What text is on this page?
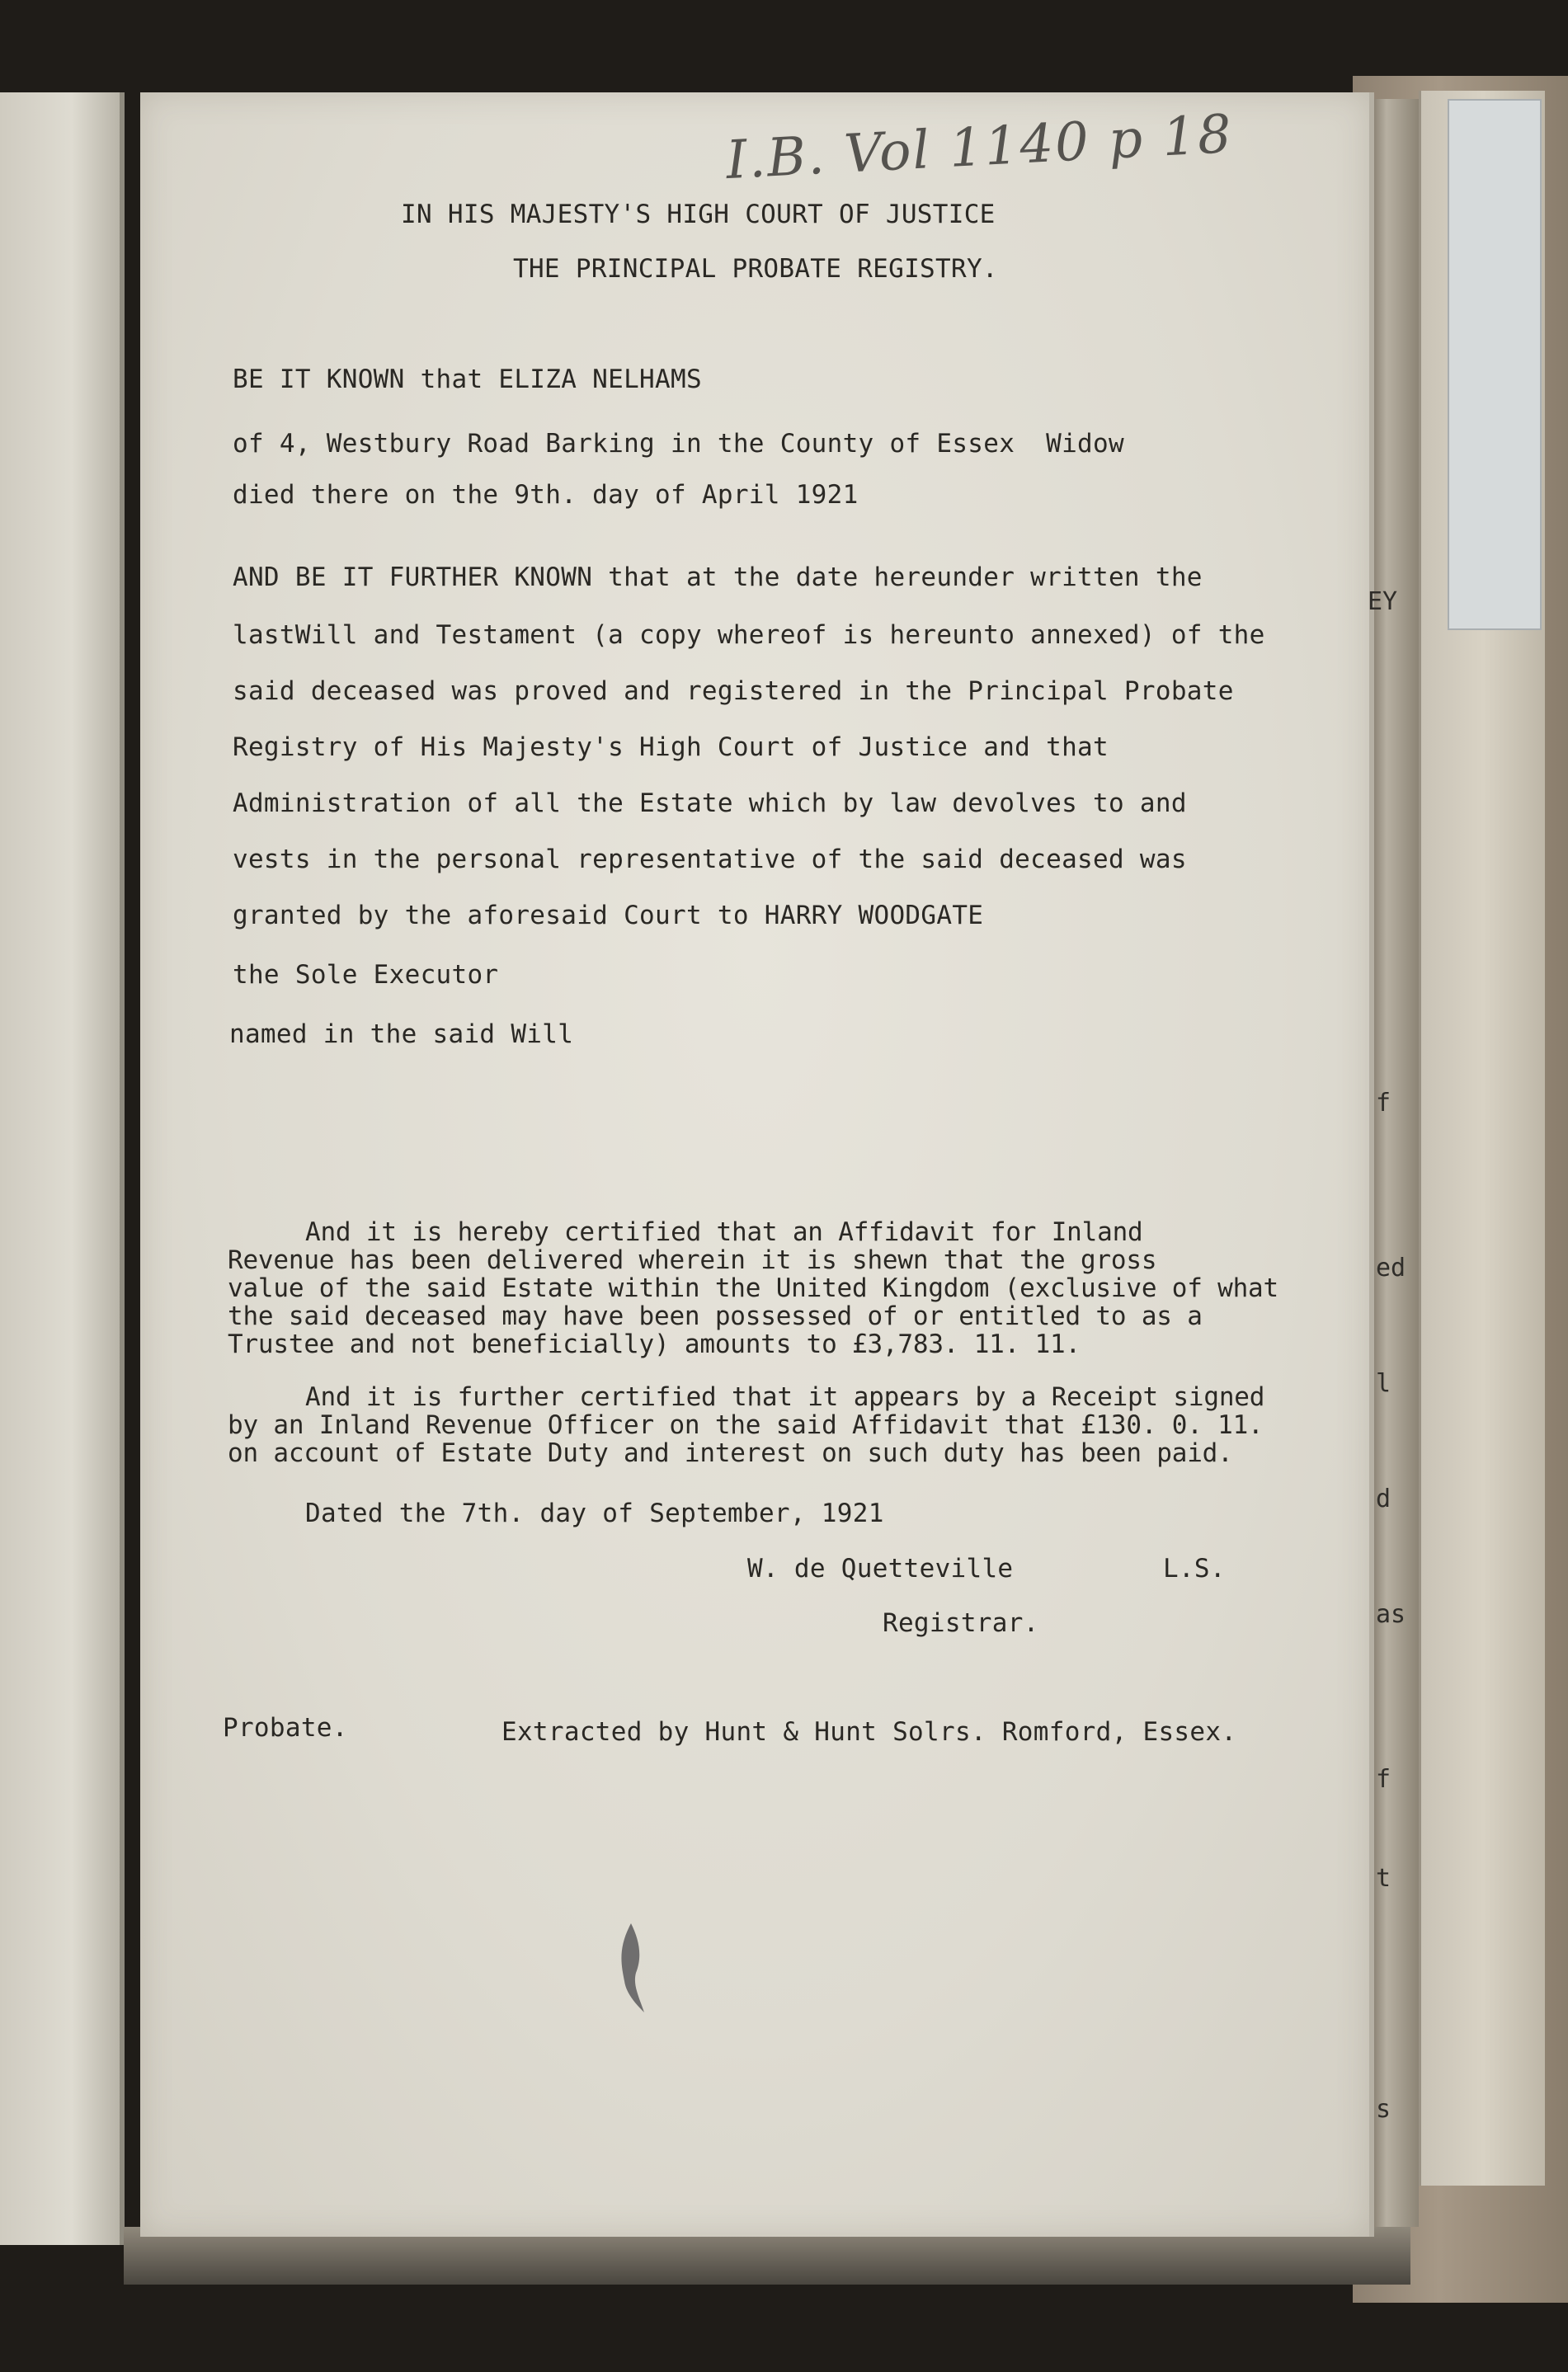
I.B. Vol 1140 p 18

IN HIS MAJESTY'S HIGH COURT OF JUSTICE

THE PRINCIPAL PROBATE REGISTRY.

BE IT KNOWN that ELIZA NELHAMS

of 4, Westbury Road Barking in the County of Essex  Widow

died there on the 9th. day of April 1921

AND BE IT FURTHER KNOWN that at the date hereunder written the

lastWill and Testament (a copy whereof is hereunto annexed) of the

said deceased was proved and registered in the Principal Probate

Registry of His Majesty's High Court of Justice and that

Administration of all the Estate which by law devolves to and

vests in the personal representative of the said deceased was

granted by the aforesaid Court to HARRY WOODGATE

the Sole Executor

named in the said Will

And it is hereby certified that an Affidavit for Inland
Revenue has been delivered wherein it is shewn that the gross
value of the said Estate within the United Kingdom (exclusive of what
the said deceased may have been possessed of or entitled to as a
Trustee and not beneficially) amounts to £3,783. 11. 11.
And it is further certified that it appears by a Receipt signed
by an Inland Revenue Officer on the said Affidavit that £130. 0. 11.
on account of Estate Duty and interest on such duty has been paid.

Dated the 7th. day of September, 1921

W. de Quetteville	L.S.

Registrar.

Probate.	Extracted by Hunt & Hunt Solrs. Romford, Essex.

EY
f
ed
l
d
as
f
t
s
